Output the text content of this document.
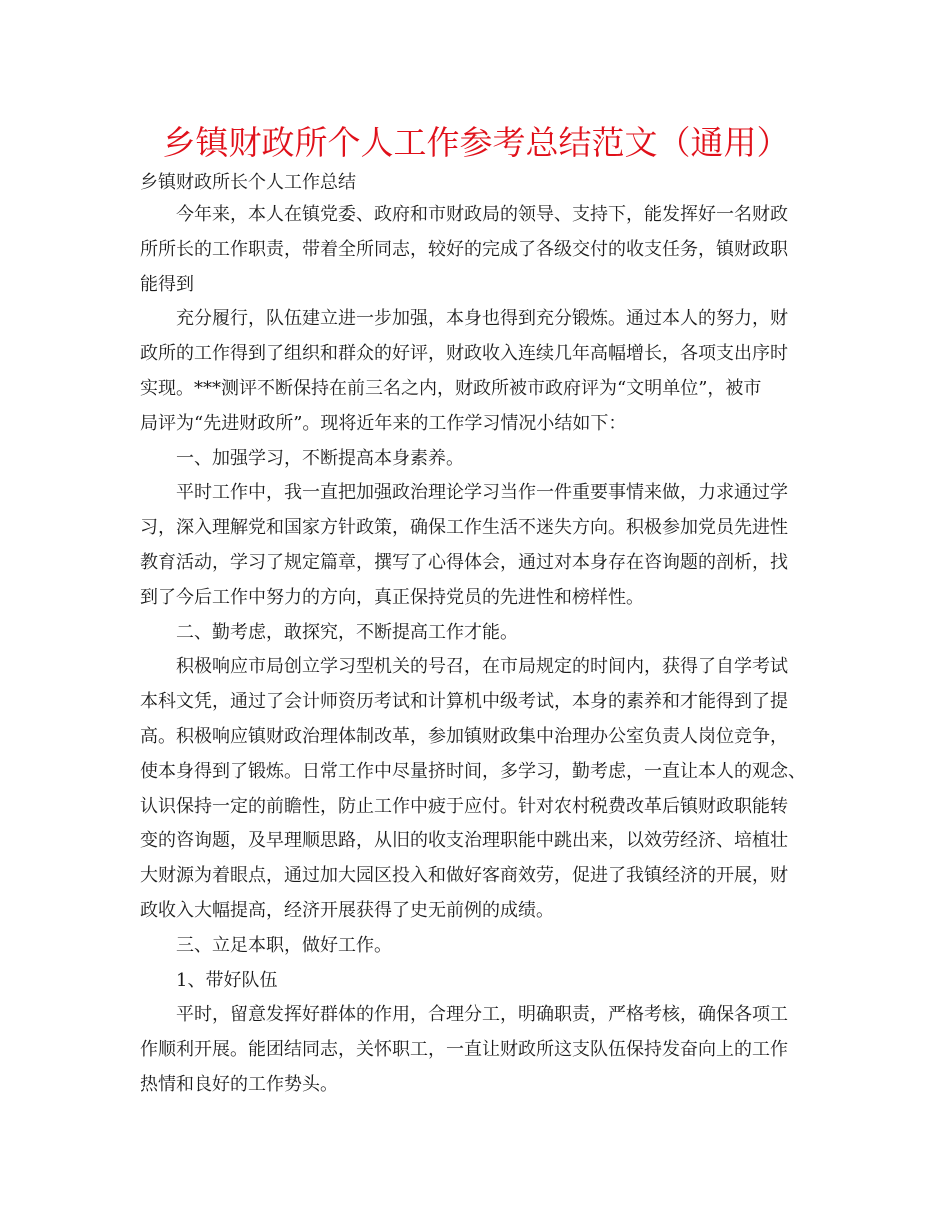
乡镇财政所个人工作参考总结范文（通用）

乡镇财政所长个人工作总结

今年来，本人在镇党委、政府和市财政局的领导、支持下，能发挥好一名财政

所所长的工作职责，带着全所同志，较好的完成了各级交付的收支任务，镇财政职

能得到

充分履行，队伍建立进一步加强，本身也得到充分锻炼。通过本人的努力，财

政所的工作得到了组织和群众的好评，财政收入连续几年高幅增长，各项支出序时

实现。***测评不断保持在前三名之内，财政所被市政府评为“文明单位”，被市

局评为“先进财政所”。现将近年来的工作学习情况小结如下：

一、加强学习，不断提高本身素养。

平时工作中，我一直把加强政治理论学习当作一件重要事情来做，力求通过学

习，深入理解党和国家方针政策，确保工作生活不迷失方向。积极参加党员先进性

教育活动，学习了规定篇章，撰写了心得体会，通过对本身存在咨询题的剖析，找

到了今后工作中努力的方向，真正保持党员的先进性和榜样性。

二、勤考虑，敢探究，不断提高工作才能。

积极响应市局创立学习型机关的号召，在市局规定的时间内，获得了自学考试

本科文凭，通过了会计师资历考试和计算机中级考试，本身的素养和才能得到了提

高。积极响应镇财政治理体制改革，参加镇财政集中治理办公室负责人岗位竞争，

使本身得到了锻炼。日常工作中尽量挤时间，多学习，勤考虑，一直让本人的观念、

认识保持一定的前瞻性，防止工作中疲于应付。针对农村税费改革后镇财政职能转

变的咨询题，及早理顺思路，从旧的收支治理职能中跳出来，以效劳经济、培植壮

大财源为着眼点，通过加大园区投入和做好客商效劳，促进了我镇经济的开展，财

政收入大幅提高，经济开展获得了史无前例的成绩。

三、立足本职，做好工作。

1、带好队伍

平时，留意发挥好群体的作用，合理分工，明确职责，严格考核，确保各项工

作顺利开展。能团结同志，关怀职工，一直让财政所这支队伍保持发奋向上的工作

热情和良好的工作势头。
